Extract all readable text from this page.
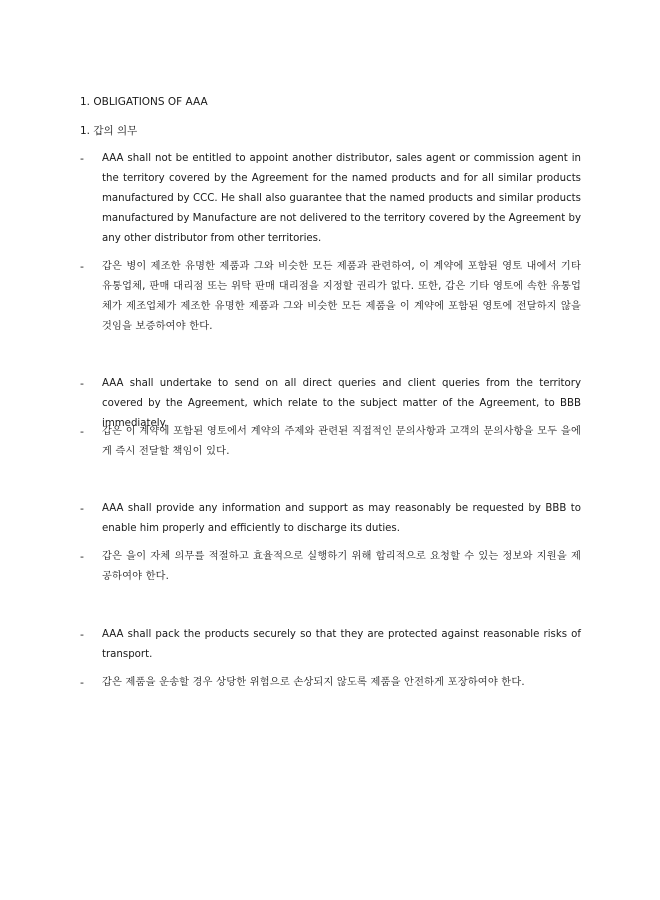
1. OBLIGATIONS OF AAA
1. 갑의 의무
- AAA shall not be entitled to appoint another distributor, sales agent or commission agent in the territory covered by the Agreement for the named products and for all similar products manufactured by CCC. He shall also guarantee that the named products and similar products manufactured by Manufacture are not delivered to the territory covered by the Agreement by any other distributor from other territories.
- 갑은 병이 제조한 유명한 제품과 그와 비슷한 모든 제품과 관련하여, 이 계약에 포함된 영토 내에서 기타 유통업체, 판매 대리점 또는 위탁 판매 대리점을 지정할 권리가 없다. 또한, 갑은 기타 영토에 속한 유통업체가 제조업체가 제조한 유명한 제품과 그와 비슷한 모든 제품을 이 계약에 포함된 영토에 전달하지 않을 것임을 보증하여야 한다.
- AAA shall undertake to send on all direct queries and client queries from the territory covered by the Agreement, which relate to the subject matter of the Agreement, to BBB immediately.
- 갑은 이 계약에 포함된 영토에서 계약의 주제와 관련된 직접적인 문의사항과 고객의 문의사항을 모두 을에게 즉시 전달할 책임이 있다.
- AAA shall provide any information and support as may reasonably be requested by BBB to enable him properly and efficiently to discharge its duties.
- 갑은 을이 자체 의무를 적절하고 효율적으로 실행하기 위해 합리적으로 요청할 수 있는 정보와 지원을 제공하여야 한다.
- AAA shall pack the products securely so that they are protected against reasonable risks of transport.
- 갑은 제품을 운송할 경우 상당한 위험으로 손상되지 않도록 제품을 안전하게 포장하여야 한다.
